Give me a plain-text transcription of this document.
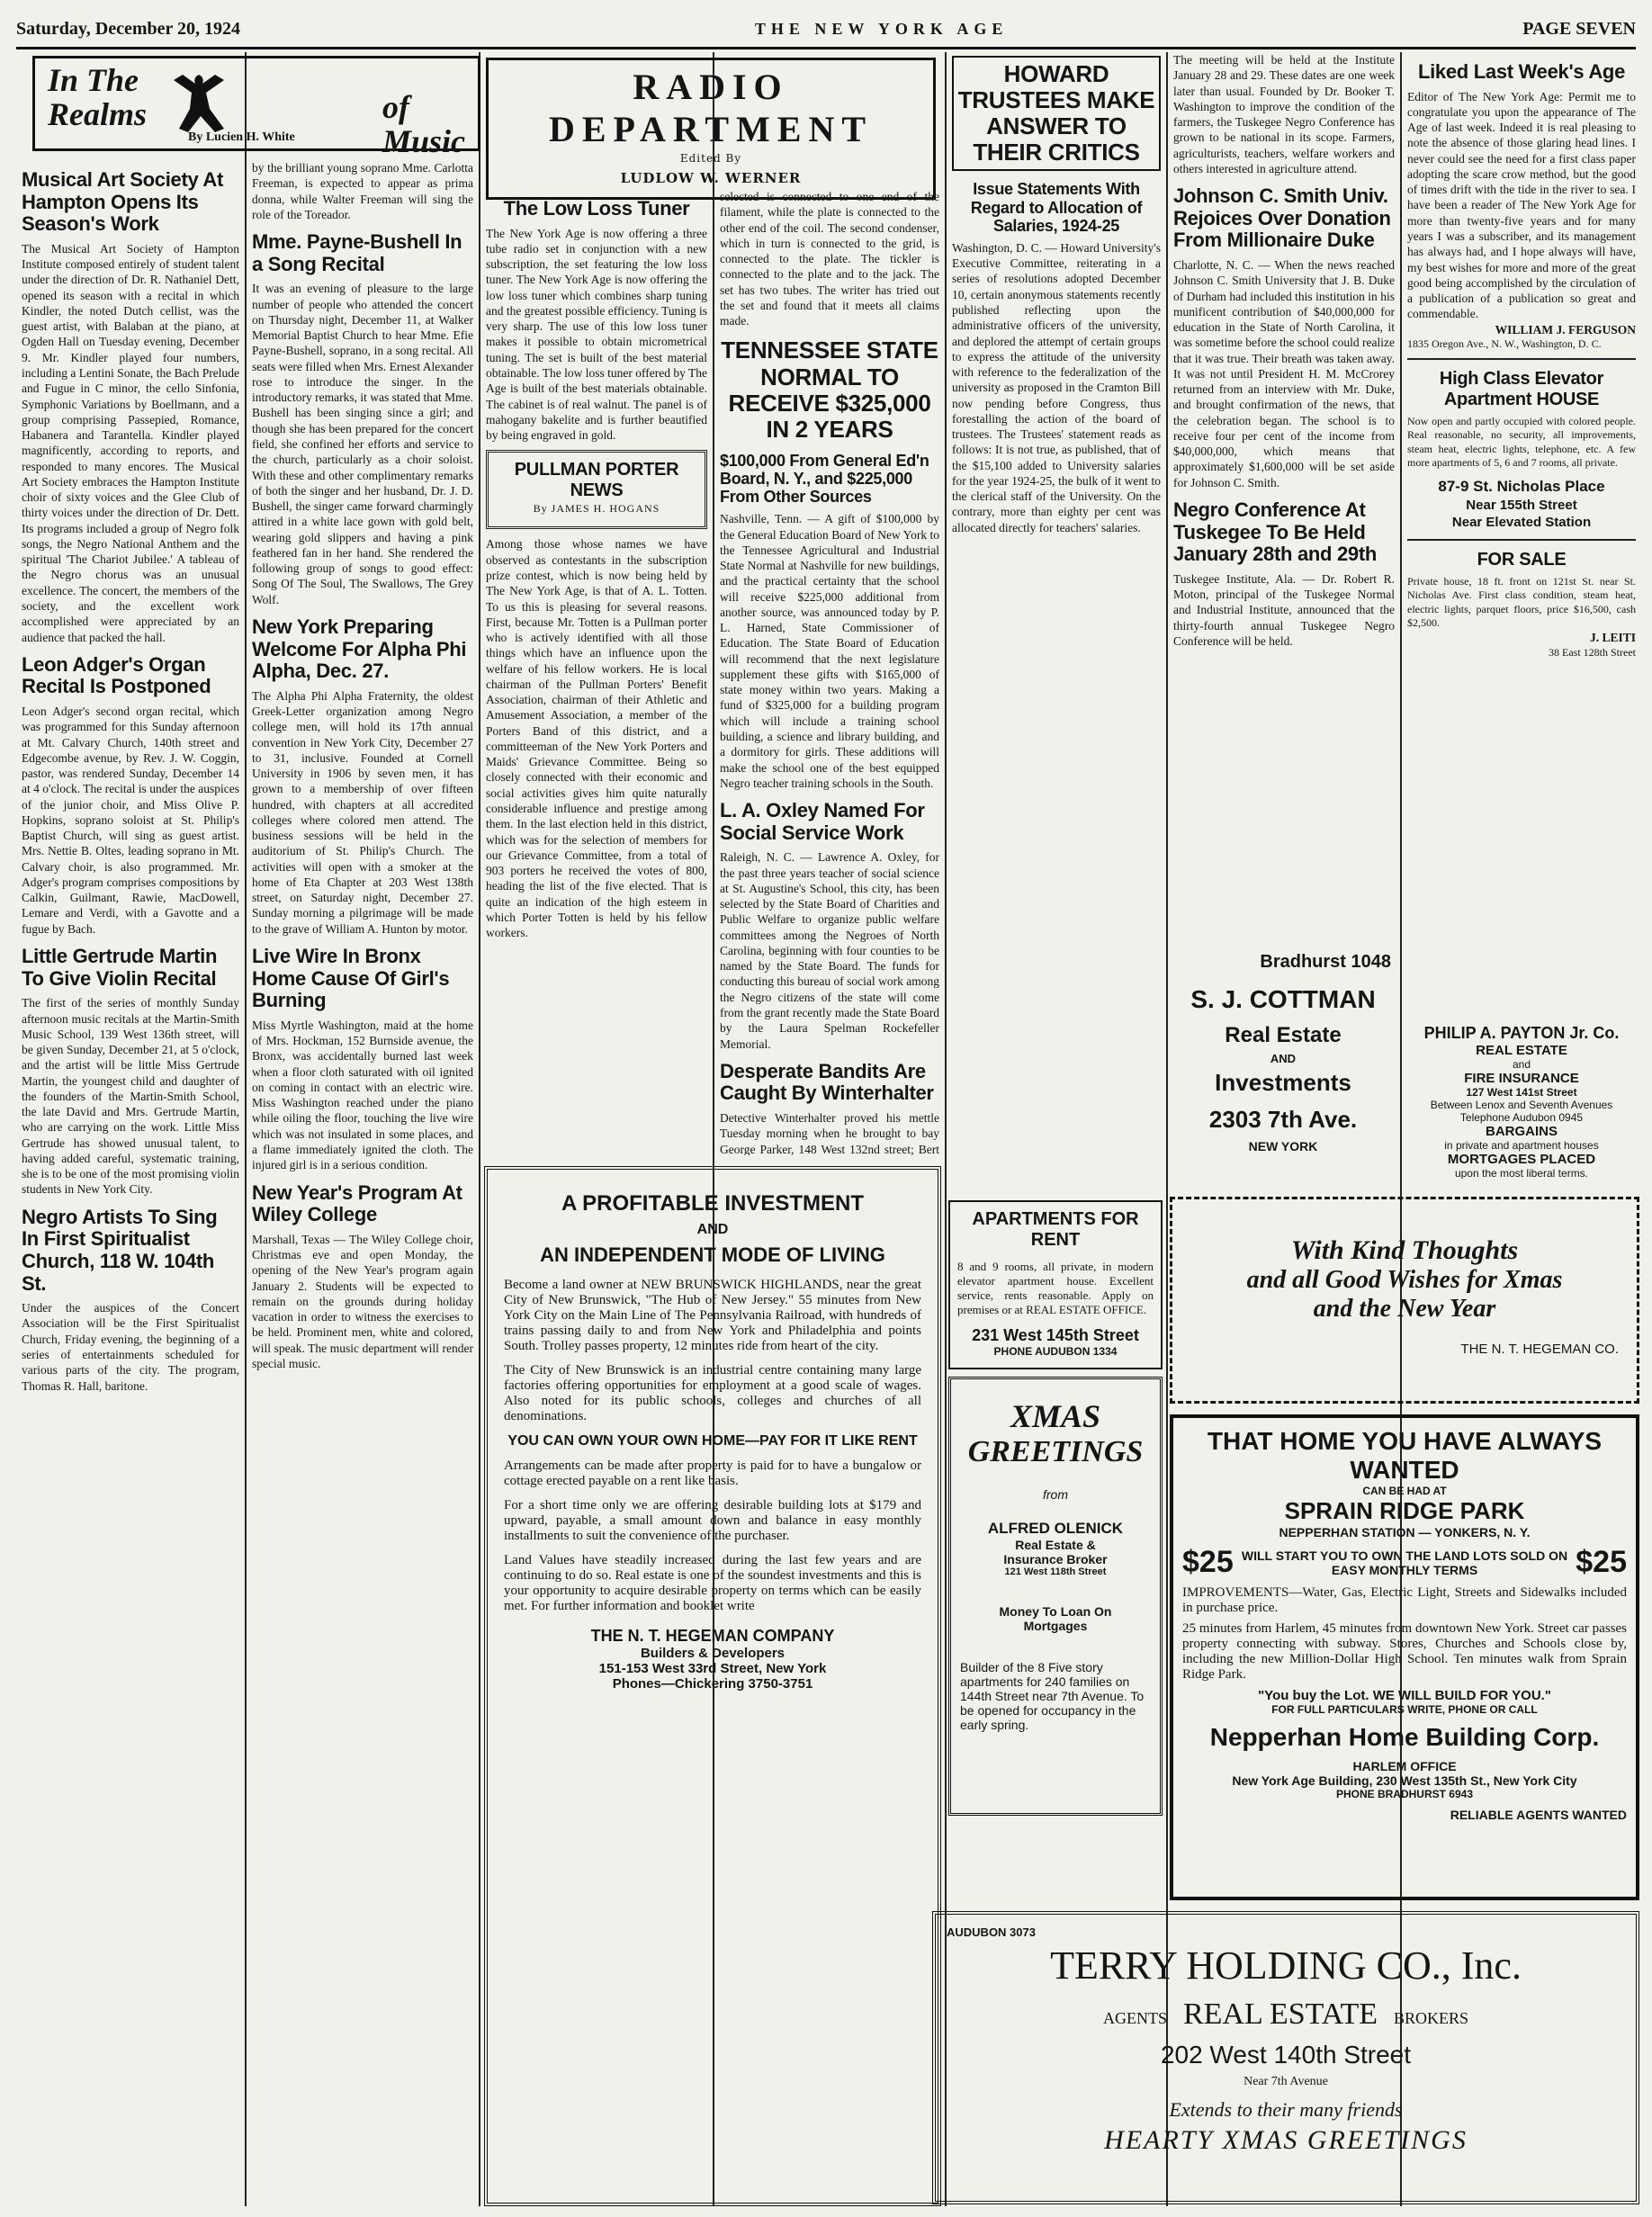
Saturday, December 20, 1924	THE NEW YORK AGE	PAGE SEVEN
In The
Realms	of
Music
By Lucien H. White
Musical Art Society At Hampton Opens Its Season's Work
The Musical Art Society of Hampton Institute composed entirely of student talent under the direction of Dr. R. Nathaniel Dett, opened its season with a recital in which Kindler, the noted Dutch cellist, was the guest artist, with Balaban at the piano, at Ogden Hall on Tuesday evening, December 9. Mr. Kindler played four numbers, including a Lentini Sonate, the Bach Prelude and Fugue in C minor, the cello Sinfonia, Symphonic Variations by Boellmann, and a group comprising Passepied, Romance, Habanera and Tarantella. Kindler played magnificently, according to reports, and responded to many encores. The Musical Art Society embraces the Hampton Institute choir of sixty voices and the Glee Club of thirty voices under the direction of Dr. Dett. Its programs included a group of Negro folk songs, the Negro National Anthem and the spiritual 'The Chariot Jubilee.' A tableau of the Negro chorus was an unusual excellence. The concert, the members of the society, and the excellent work accomplished were appreciated by an audience that packed the hall.
Leon Adger's Organ Recital Is Postponed
Leon Adger's second organ recital, which was programmed for this Sunday afternoon at Mt. Calvary Church, 140th street and Edgecombe avenue, by Rev. J. W. Coggin, pastor, was rendered Sunday, December 14 at 4 o'clock. The recital is under the auspices of the junior choir, and Miss Olive P. Hopkins, soprano soloist at St. Philip's Baptist Church, will sing as guest artist. Mrs. Nettie B. Oltes, leading soprano in Mt. Calvary choir, is also programmed. Mr. Adger's program comprises compositions by Calkin, Guilmant, Rawie, MacDowell, Lemare and Verdi, with a Gavotte and a fugue by Bach.
Little Gertrude Martin To Give Violin Recital
The first of the series of monthly Sunday afternoon music recitals at the Martin-Smith Music School, 139 West 136th street, will be given Sunday, December 21, at 5 o'clock, and the artist will be little Miss Gertrude Martin, the youngest child and daughter of the founders of the Martin-Smith School, the late David and Mrs. Gertrude Martin, who are carrying on the work. Little Miss Gertrude has showed unusual talent, to having added careful, systematic training, she is to be one of the most promising violin students in New York City.
Negro Artists To Sing In First Spiritualist Church, 118 W. 104th St.
Under the auspices of the Concert Association will be the First Spiritualist Church, Friday evening, the beginning of a series of entertainments scheduled for various parts of the city. The program, Thomas R. Hall, baritone.
by the brilliant young soprano Mme. Carlotta Freeman, is expected to appear as prima donna, while Walter Freeman will sing the role of the Toreador.
Mme. Payne-Bushell In a Song Recital
It was an evening of pleasure to the large number of people who attended the concert on Thursday night, December 11, at Walker Memorial Baptist Church to hear Mme. Efie Payne-Bushell, soprano, in a song recital. All seats were filled when Mrs. Ernest Alexander rose to introduce the singer. In the introductory remarks, it was stated that Mme. Bushell has been singing since a girl; and though she has been prepared for the concert field, she confined her efforts and service to the church, particularly as a choir soloist. With these and other complimentary remarks of both the singer and her husband, Dr. J. D. Bushell, the singer came forward charmingly attired in a white lace gown with gold belt, wearing gold slippers and having a pink feathered fan in her hand. She rendered the following group of songs to good effect: Song Of The Soul, The Swallows, The Grey Wolf.
New York Preparing Welcome For Alpha Phi Alpha, Dec. 27.
The Alpha Phi Alpha Fraternity, the oldest Greek-Letter organization among Negro college men, will hold its 17th annual convention in New York City, December 27 to 31, inclusive. Founded at Cornell University in 1906 by seven men, it has grown to a membership of over fifteen hundred, with chapters at all accredited colleges where colored men attend. The business sessions will be held in the auditorium of St. Philip's Church. The activities will open with a smoker at the home of Eta Chapter at 203 West 138th street, on Saturday night, December 27. Sunday morning a pilgrimage will be made to the grave of William A. Hunton by motor.
Live Wire In Bronx Home Cause Of Girl's Burning
Miss Myrtle Washington, maid at the home of Mrs. Hockman, 152 Burnside avenue, the Bronx, was accidentally burned last week when a floor cloth saturated with oil ignited on coming in contact with an electric wire. Miss Washington reached under the piano while oiling the floor, touching the live wire which was not insulated in some places, and a flame immediately ignited the cloth. The injured girl is in a serious condition.
New Year's Program At Wiley College
Marshall, Texas — The Wiley College choir, Christmas eve and open Monday, the opening of the New Year's program again January 2. Students will be expected to remain on the grounds during holiday vacation in order to witness the exercises to be held. Prominent men, white and colored, will speak. The music department will render special music.
RADIO DEPARTMENT
Edited By
LUDLOW W. WERNER
The Low Loss Tuner
The New York Age is now offering a three tube radio set in conjunction with a new subscription, the set featuring the low loss tuner. The New York Age is now offering the low loss tuner which combines sharp tuning and the greatest possible efficiency. Tuning is very sharp. The use of this low loss tuner makes it possible to obtain micrometrical tuning. The set is built of the best material obtainable. The low loss tuner offered by The Age is built of the best materials obtainable. The cabinet is of real walnut. The panel is of mahogany bakelite and is further beautified by being engraved in gold.
PULLMAN PORTER NEWS
By JAMES H. HOGANS
Among those whose names we have observed as contestants in the subscription prize contest, which is now being held by The New York Age, is that of A. L. Totten. To us this is pleasing for several reasons. First, because Mr. Totten is a Pullman porter who is actively identified with all those things which have an influence upon the welfare of his fellow workers. He is local chairman of the Pullman Porters' Benefit Association, chairman of their Athletic and Amusement Association, a member of the Porters Band of this district, and a committeeman of the New York Porters and Maids' Grievance Committee. Being so closely connected with their economic and social activities gives him quite naturally considerable influence and prestige among them. In the last election held in this district, which was for the selection of members for our Grievance Committee, from a total of 903 porters he received the votes of 800, heading the list of the five elected. That is quite an indication of the high esteem in which Porter Totten is held by his fellow workers.
selected is connected to one end of the filament, while the plate is connected to the other end of the coil. The second condenser, which in turn is connected to the grid, is connected to the plate. The tickler is connected to the plate and to the jack. The set has two tubes. The writer has tried out the set and found that it meets all claims made.
TENNESSEE STATE NORMAL TO RECEIVE $325,000 IN 2 YEARS
$100,000 From General Ed'n Board, N. Y., and $225,000 From Other Sources
Nashville, Tenn. — A gift of $100,000 by the General Education Board of New York to the Tennessee Agricultural and Industrial State Normal at Nashville for new buildings, and the practical certainty that the school will receive $225,000 additional from another source, was announced today by P. L. Harned, State Commissioner of Education. The State Board of Education will recommend that the next legislature supplement these gifts with $165,000 of state money within two years. Making a fund of $325,000 for a building program which will include a training school building, a science and library building, and a dormitory for girls. These additions will make the school one of the best equipped Negro teacher training schools in the South.
L. A. Oxley Named For Social Service Work
Raleigh, N. C. — Lawrence A. Oxley, for the past three years teacher of social science at St. Augustine's School, this city, has been selected by the State Board of Charities and Public Welfare to organize public welfare committees among the Negroes of North Carolina, beginning with four counties to be named by the State Board. The funds for conducting this bureau of social work among the Negro citizens of the state will come from the grant recently made the State Board by the Laura Spelman Rockefeller Memorial.
Desperate Bandits Are Caught By Winterhalter
Detective Winterhalter proved his mettle Tuesday morning when he brought to bay George Parker, 148 West 132nd street; Bert
A PROFITABLE INVESTMENT
AND
AN INDEPENDENT MODE OF LIVING
Become a land owner at NEW BRUNSWICK HIGHLANDS, near the great City of New Brunswick, "The Hub of New Jersey." 55 minutes from New York City on the Main Line of The Pennsylvania Railroad, with hundreds of trains passing daily to and from New York and Philadelphia and points South. Trolley passes property, 12 minutes ride from heart of the city.
The City of New Brunswick is an industrial centre containing many large factories offering opportunities for employment at a good scale of wages. Also noted for its public schools, colleges and churches of all denominations.
YOU CAN OWN YOUR OWN HOME—PAY FOR IT LIKE RENT
Arrangements can be made after property is paid for to have a bungalow or cottage erected payable on a rent like basis.
For a short time only we are offering desirable building lots at $179 and upward, payable, a small amount down and balance in easy monthly installments to suit the convenience of the purchaser.
Land Values have steadily increased during the last few years and are continuing to do so. Real estate is one of the soundest investments and this is your opportunity to acquire desirable property on terms which can be easily met. For further information and booklet write
THE N. T. HEGEMAN COMPANY
Builders & Developers
151-153 West 33rd Street, New York
Phones—Chickering 3750-3751
HOWARD TRUSTEES MAKE ANSWER TO THEIR CRITICS
Issue Statements With Regard to Allocation of Salaries, 1924-25
Washington, D. C. — Howard University's Executive Committee, reiterating in a series of resolutions adopted December 10, certain anonymous statements recently published reflecting upon the administrative officers of the university, and deplored the attempt of certain groups to express the attitude of the university with reference to the federalization of the university as proposed in the Cramton Bill now pending before Congress, thus forestalling the action of the board of trustees. The Trustees' statement reads as follows: It is not true, as published, that of the $15,100 added to University salaries for the year 1924-25, the bulk of it went to the clerical staff of the University. On the contrary, more than eighty per cent was allocated directly for teachers' salaries.
APARTMENTS FOR RENT
8 and 9 rooms, all private, in modern elevator apartment house. Excellent service, rents reasonable. Apply on premises or at REAL ESTATE OFFICE.
231 West 145th Street
PHONE AUDUBON 1334
XMAS
GREETINGS
from
ALFRED OLENICK
Real Estate &
Insurance Broker
121 West 118th Street
Money To Loan On
Mortgages
Builder of the 8 Five story apartments for 240 families on 144th Street near 7th Avenue. To be opened for occupancy in the early spring.
The meeting will be held at the Institute January 28 and 29. These dates are one week later than usual. Founded by Dr. Booker T. Washington to improve the condition of the farmers, the Tuskegee Negro Conference has grown to be national in its scope. Farmers, agriculturists, teachers, welfare workers and others interested in agriculture attend.
Johnson C. Smith Univ. Rejoices Over Donation From Millionaire Duke
Charlotte, N. C. — When the news reached Johnson C. Smith University that J. B. Duke of Durham had included this institution in his munificent contribution of $40,000,000 for education in the State of North Carolina, it was sometime before the school could realize that it was true. Their breath was taken away. It was not until President H. M. McCrorey returned from an interview with Mr. Duke, and brought confirmation of the news, that the celebration began. The school is to receive four per cent of the income from $40,000,000, which means that approximately $1,600,000 will be set aside for Johnson C. Smith.
Negro Conference At Tuskegee To Be Held January 28th and 29th
Tuskegee Institute, Ala. — Dr. Robert R. Moton, principal of the Tuskegee Normal and Industrial Institute, announced that the thirty-fourth annual Tuskegee Negro Conference will be held.
Bradhurst 1048
S. J. COTTMAN
Real Estate
AND
Investments
2303 7th Ave.
NEW YORK
Liked Last Week's Age
Editor of The New York Age: Permit me to congratulate you upon the appearance of The Age of last week. Indeed it is real pleasing to note the absence of those glaring head lines. I never could see the need for a first class paper adopting the scare crow method, but the good of times drift with the tide in the river to sea. I have been a reader of The New York Age for more than twenty-five years and for many years I was a subscriber, and its management has always had, and I hope always will have, my best wishes for more and more of the great good being accomplished by the circulation of a publication of a publication so great and commendable.
WILLIAM J. FERGUSON
1835 Oregon Ave., N. W., Washington, D. C.
High Class Elevator Apartment HOUSE
Now open and partly occupied with colored people. Real reasonable, no security, all improvements, steam heat, electric lights, telephone, etc. A few more apartments of 5, 6 and 7 rooms, all private.
87-9 St. Nicholas Place
Near 155th Street
Near Elevated Station
FOR SALE
Private house, 18 ft. front on 121st St. near St. Nicholas Ave. First class condition, steam heat, electric lights, parquet floors, price $16,500, cash $2,500.
J. LEITI
38 East 128th Street
PHILIP A. PAYTON Jr. Co.
REAL ESTATE
and
FIRE INSURANCE
127 West 141st Street
Between Lenox and Seventh Avenues
Telephone Audubon 0945
BARGAINS
in private and apartment houses
MORTGAGES PLACED
upon the most liberal terms.
With Kind Thoughts
and all Good Wishes for Xmas
and the New Year
THE N. T. HEGEMAN CO.
THAT HOME YOU HAVE ALWAYS WANTED
CAN BE HAD AT
SPRAIN RIDGE PARK
NEPPERHAN STATION — YONKERS, N. Y.
$25 WILL START YOU TO OWN THE LAND LOTS SOLD ON EASY MONTHLY TERMS	$25
IMPROVEMENTS—Water, Gas, Electric Light, Streets and Sidewalks included in purchase price.
25 minutes from Harlem, 45 minutes from downtown New York. Street car passes property connecting with subway. Stores, Churches and Schools close by, including the new Million-Dollar High School. Ten minutes walk from Sprain Ridge Park.
"You buy the Lot. WE WILL BUILD FOR YOU."
FOR FULL PARTICULARS WRITE, PHONE OR CALL
Nepperhan Home Building Corp.
HARLEM OFFICE
New York Age Building, 230 West 135th St., New York City
PHONE BRADHURST 6943
RELIABLE AGENTS WANTED
AUDUBON 3073
TERRY HOLDING CO., Inc.
AGENTS REAL ESTATE BROKERS
202 West 140th Street
Near 7th Avenue
Extends to their many friends
HEARTY XMAS GREETINGS
